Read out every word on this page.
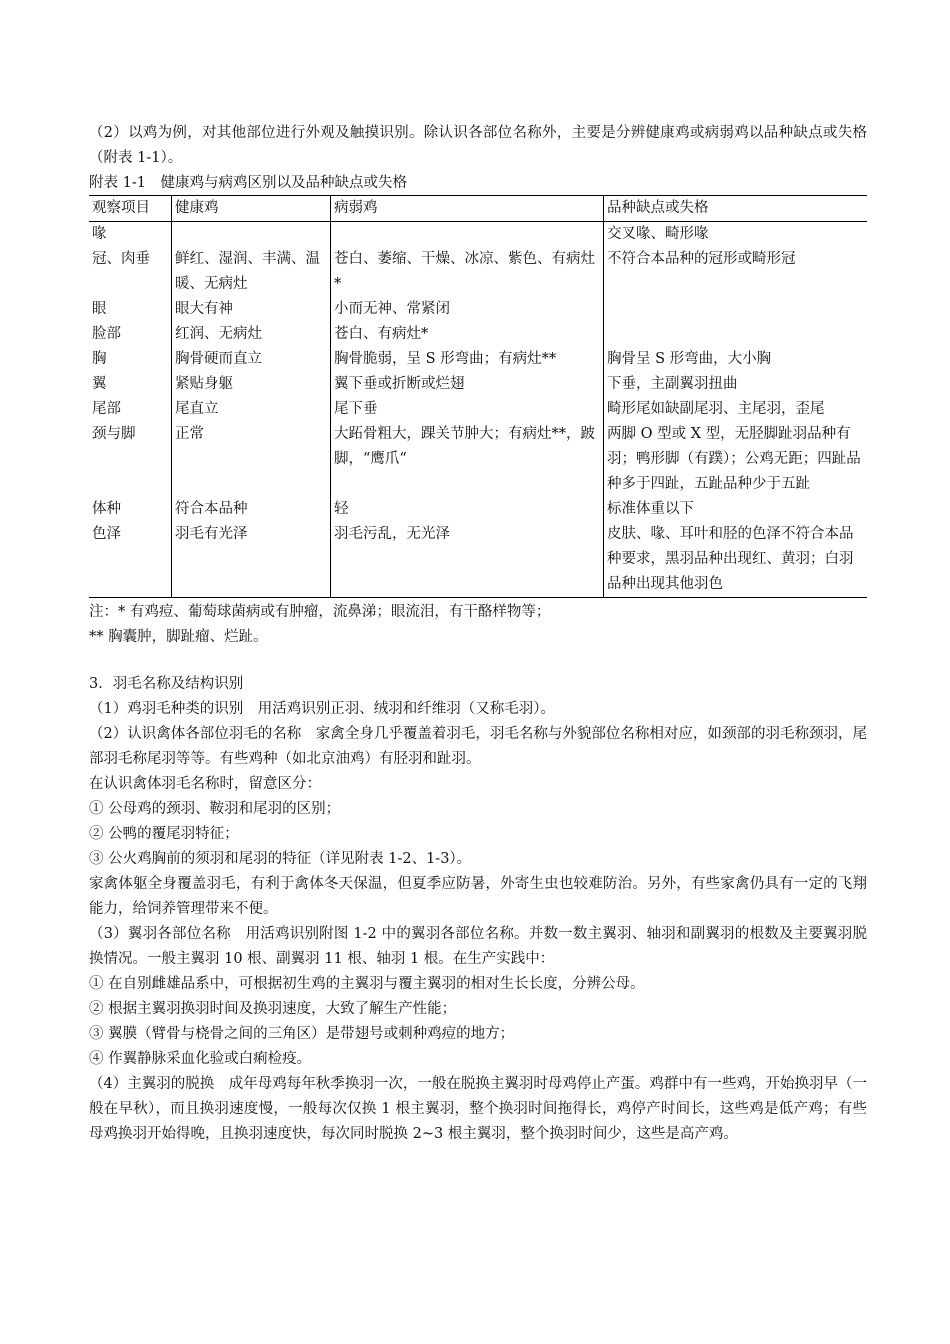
（2）以鸡为例，对其他部位进行外观及触摸识别。除认识各部位名称外，主要是分辨健康鸡或病弱鸡以品种缺点或失格（附表 1-1）。

附表 1-1　健康鸡与病鸡区别以及品种缺点或失格

观察项目	健康鸡	病弱鸡	品种缺点或失格
喙			交叉喙、畸形喙
冠、肉垂	鲜红、湿润、丰满、温暖、无病灶	苍白、萎缩、干燥、冰凉、紫色、有病灶*	不符合本品种的冠形或畸形冠
眼	眼大有神	小而无神、常紧闭	
脸部	红润、无病灶	苍白、有病灶*	
胸	胸骨硬而直立	胸骨脆弱，呈 S 形弯曲；有病灶**	胸骨呈 S 形弯曲，大小胸
翼	紧贴身躯	翼下垂或折断或烂翅	下垂，主副翼羽扭曲
尾部	尾直立	尾下垂	畸形尾如缺副尾羽、主尾羽，歪尾
颈与脚	正常	大跖骨粗大，踝关节肿大；有病灶**，跛脚，“鹰爪“	两脚 O 型或 X 型，无胫脚趾羽品种有羽；鸭形脚（有蹼）；公鸡无距；四趾品种多于四趾，五趾品种少于五趾
体种	符合本品种	轻	标准体重以下
色泽	羽毛有光泽	羽毛污乱，无光泽	皮肤、喙、耳叶和胫的色泽不符合本品种要求，黑羽品种出现红、黄羽；白羽品种出现其他羽色

注：* 有鸡痘、葡萄球菌病或有肿瘤，流鼻涕；眼流泪，有干酪样物等；

** 胸囊肿，脚趾瘤、烂趾。

3．羽毛名称及结构识别

（1）鸡羽毛种类的识别　用活鸡识别正羽、绒羽和纤维羽（又称毛羽）。

（2）认识禽体各部位羽毛的名称　家禽全身几乎覆盖着羽毛，羽毛名称与外貌部位名称相对应，如颈部的羽毛称颈羽，尾部羽毛称尾羽等等。有些鸡种（如北京油鸡）有胫羽和趾羽。

在认识禽体羽毛名称时，留意区分：

① 公母鸡的颈羽、鞍羽和尾羽的区别；

② 公鸭的覆尾羽特征；

③ 公火鸡胸前的须羽和尾羽的特征（详见附表 1-2、1-3）。

家禽体躯全身覆盖羽毛，有利于禽体冬天保温，但夏季应防暑，外寄生虫也较难防治。另外，有些家禽仍具有一定的飞翔能力，给饲养管理带来不便。

（3）翼羽各部位名称　用活鸡识别附图 1-2 中的翼羽各部位名称。并数一数主翼羽、轴羽和副翼羽的根数及主要翼羽脱换情况。一般主翼羽 10 根、副翼羽 11 根、轴羽 1 根。在生产实践中：

① 在自别雌雄品系中，可根据初生鸡的主翼羽与覆主翼羽的相对生长长度，分辨公母。

② 根据主翼羽换羽时间及换羽速度，大致了解生产性能；

③ 翼膜（臂骨与桡骨之间的三角区）是带翅号或刺种鸡痘的地方；

④ 作翼静脉采血化验或白痢检疫。

（4）主翼羽的脱换　成年母鸡每年秋季换羽一次，一般在脱换主翼羽时母鸡停止产蛋。鸡群中有一些鸡，开始换羽早（一般在早秋），而且换羽速度慢，一般每次仅换 1 根主翼羽，整个换羽时间拖得长，鸡停产时间长，这些鸡是低产鸡；有些母鸡换羽开始得晚，且换羽速度快，每次同时脱换 2~3 根主翼羽，整个换羽时间少，这些是高产鸡。
